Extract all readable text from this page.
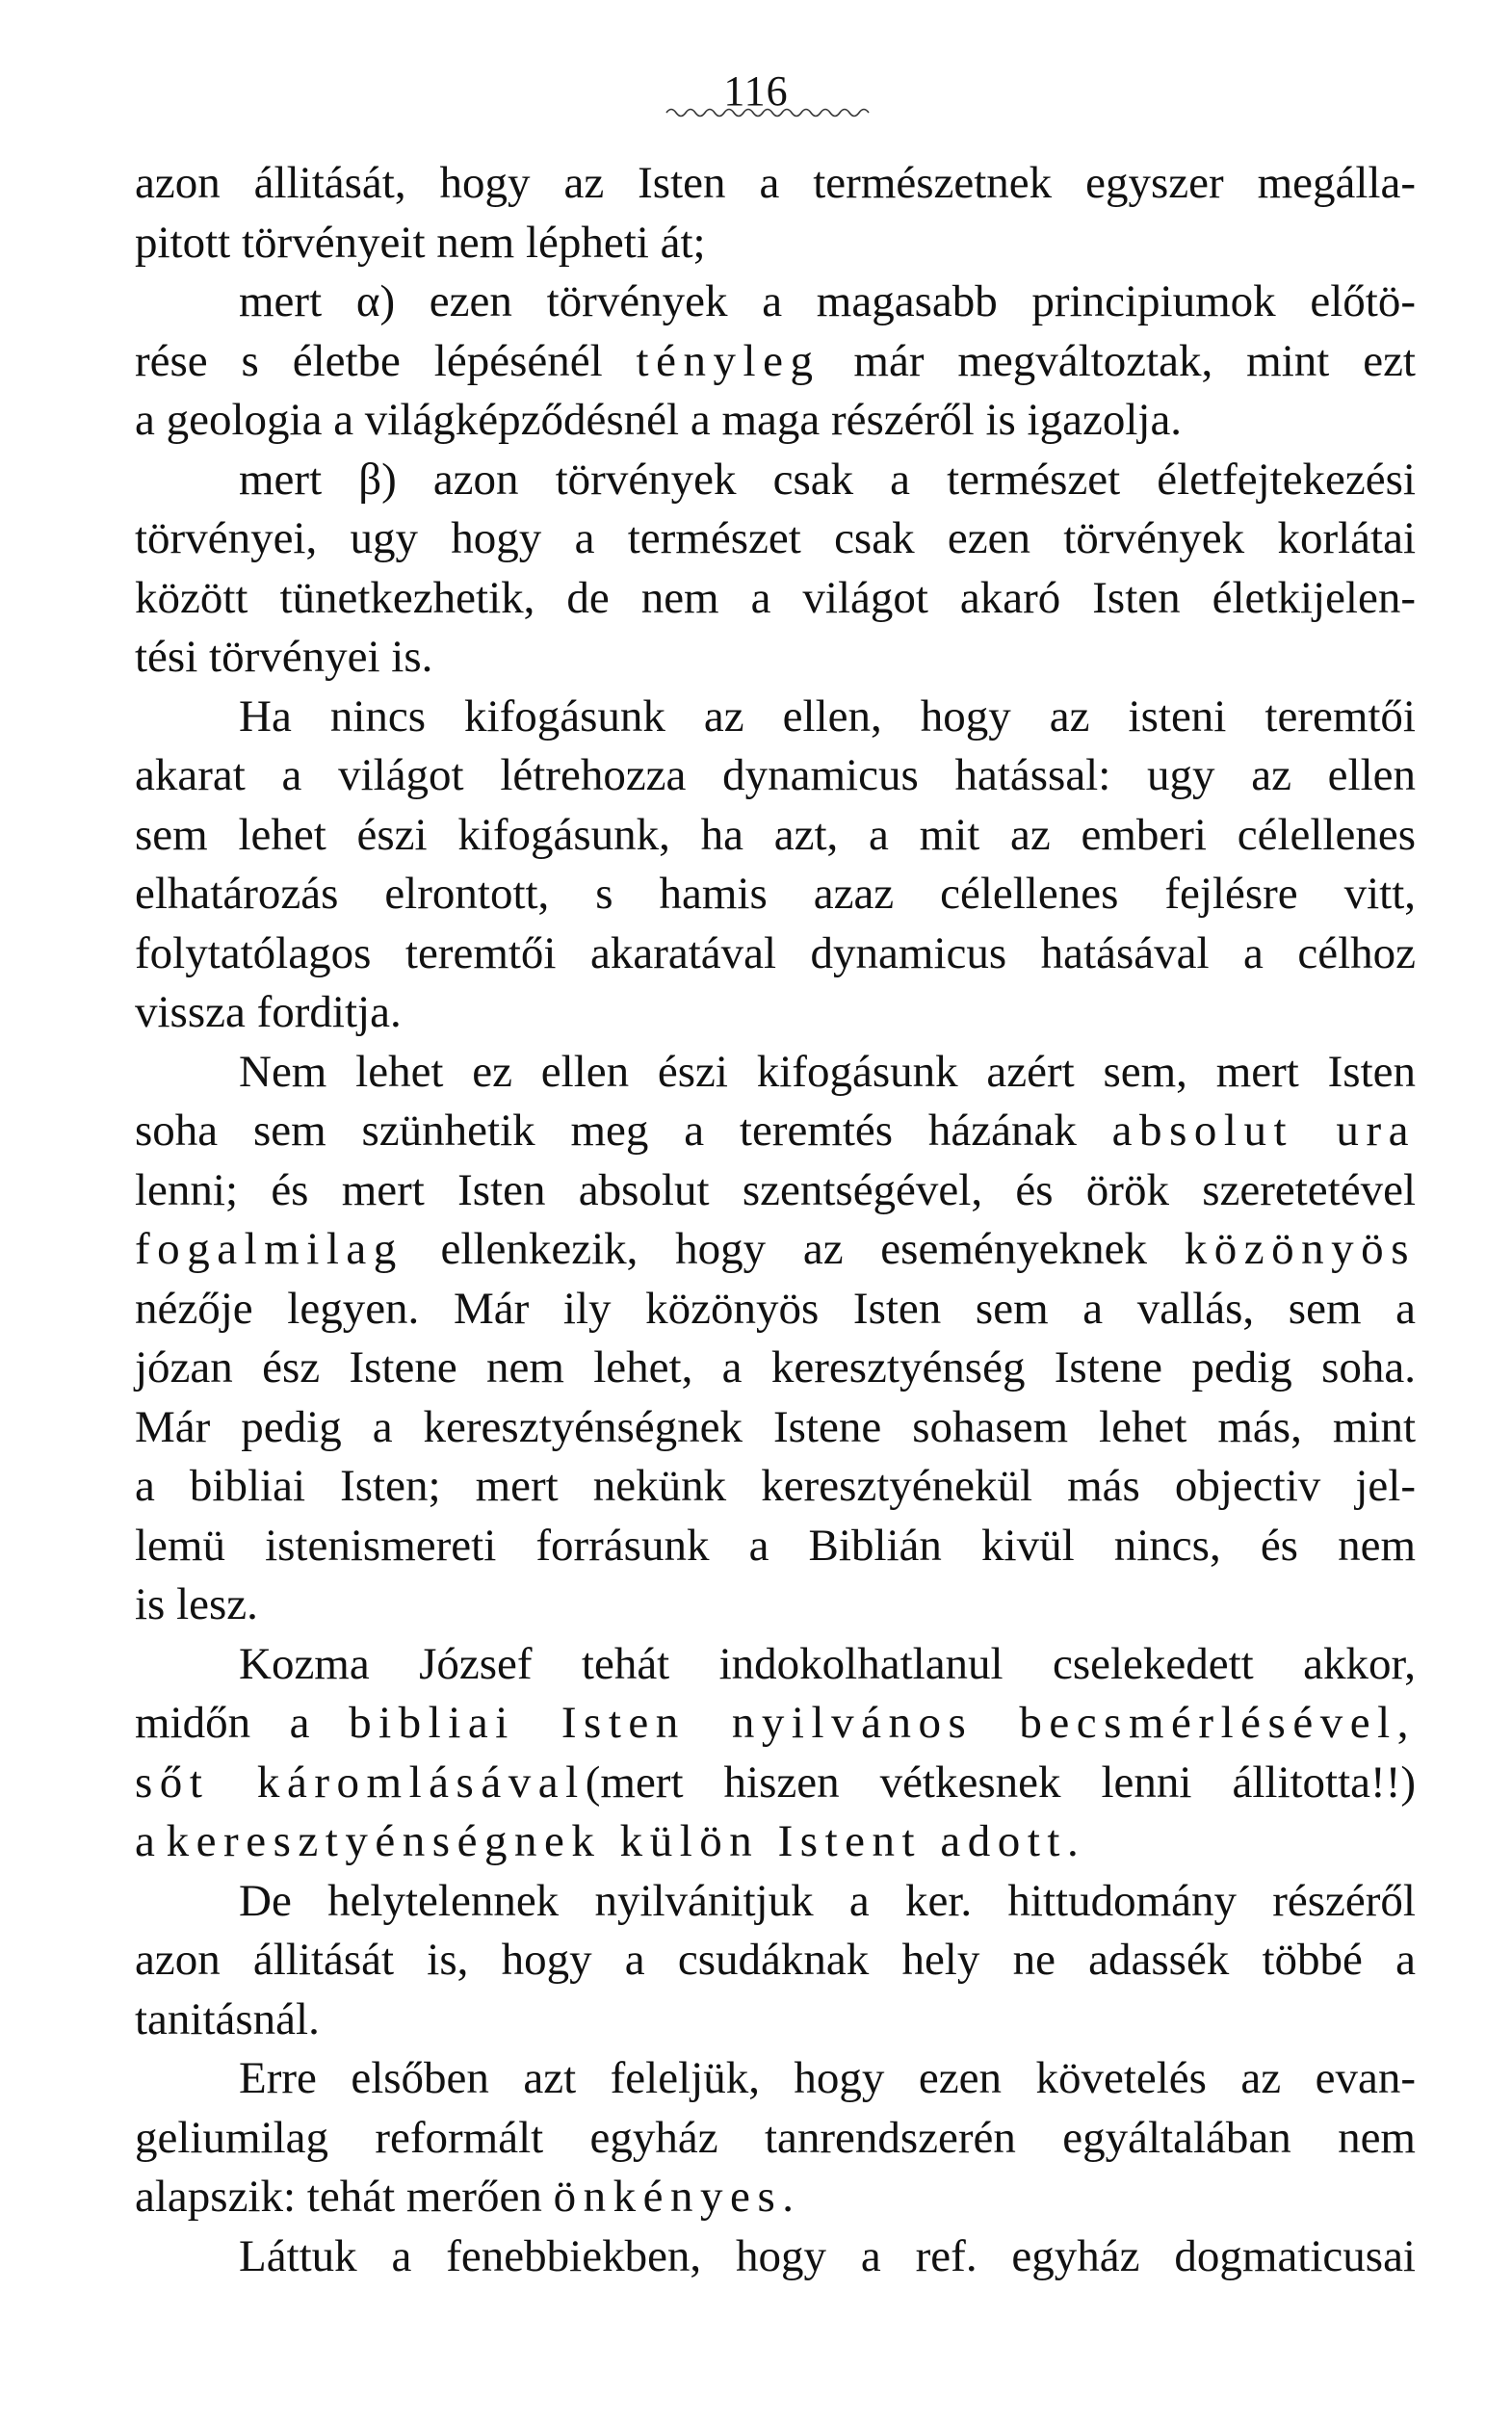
116
azon állitását, hogy az Isten a természetnek egyszer megálla-
pitott törvényeit nem lépheti át;
mert α) ezen törvények a magasabb principiumok előtö-
rése s életbe lépésénél tényleg már megváltoztak, mint ezt
a geologia a világképződésnél a maga részéről is igazolja.
mert β) azon törvények csak a természet életfejtekezési
törvényei, ugy hogy a természet csak ezen törvények korlátai
között tünetkezhetik, de nem a világot akaró Isten életkijelen-
tési törvényei is.
Ha nincs kifogásunk az ellen, hogy az isteni teremtői
akarat a világot létrehozza dynamicus hatással: ugy az ellen
sem lehet észi kifogásunk, ha azt, a mit az emberi célellenes
elhatározás elrontott, s hamis azaz célellenes fejlésre vitt,
folytatólagos teremtői akaratával dynamicus hatásával a célhoz
vissza forditja.
Nem lehet ez ellen észi kifogásunk azért sem, mert Isten
soha sem szünhetik meg a teremtés házának absolut ura
lenni; és mert Isten absolut szentségével, és örök szeretetével
fogalmilag ellenkezik, hogy az eseményeknek közönyös
nézője legyen. Már ily közönyös Isten sem a vallás, sem a
józan ész Istene nem lehet, a keresztyénség Istene pedig soha.
Már pedig a keresztyénségnek Istene sohasem lehet más, mint
a bibliai Isten; mert nekünk keresztyénekül más objectiv jel-
lemü istenismereti forrásunk a Biblián kivül nincs, és nem
is lesz.
Kozma József tehát indokolhatlanul cselekedett akkor,
midőn a bibliai Isten nyilvános becsmérlésével,
sőt káromlásával(mert hiszen vétkesnek lenni állitotta!!)
a keresztyénségnek külön Istent adott.
De helytelennek nyilvánitjuk a ker. hittudomány részéről
azon állitását is, hogy a csudáknak hely ne adassék többé a
tanitásnál.
Erre elsőben azt feleljük, hogy ezen követelés az evan-
geliumilag reformált egyház tanrendszerén egyáltalában nem
alapszik: tehát merően önkényes.
Láttuk a fenebbiekben, hogy a ref. egyház dogmaticusai
